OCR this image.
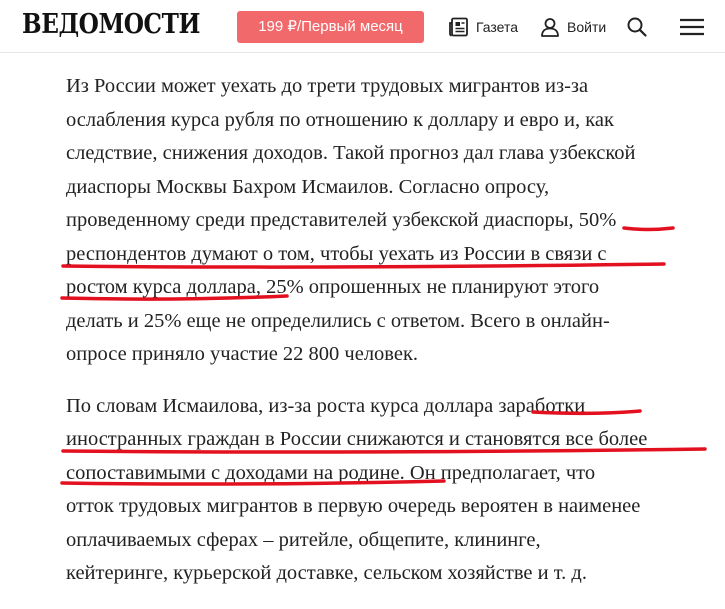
ВЕДОМОСТИ	199 ₽/Первый месяц	Газета	Войти

Из России может уехать до трети трудовых мигрантов из-за
ослабления курса рубля по отношению к доллару и евро и, как
следствие, снижения доходов. Такой прогноз дал глава узбекской
диаспоры Москвы Бахром Исмаилов. Согласно опросу,
проведенному среди представителей узбекской диаспоры, 50%
респондентов думают о том, чтобы уехать из России в связи с
ростом курса доллара, 25% опрошенных не планируют этого
делать и 25% еще не определились с ответом. Всего в онлайн-
опросе приняло участие 22 800 человек.

По словам Исмаилова, из-за роста курса доллара заработки
иностранных граждан в России снижаются и становятся все более
сопоставимыми с доходами на родине. Он предполагает, что
отток трудовых мигрантов в первую очередь вероятен в наименее
оплачиваемых сферах – ритейле, общепите, клининге,
кейтеринге, курьерской доставке, сельском хозяйстве и т. д.
